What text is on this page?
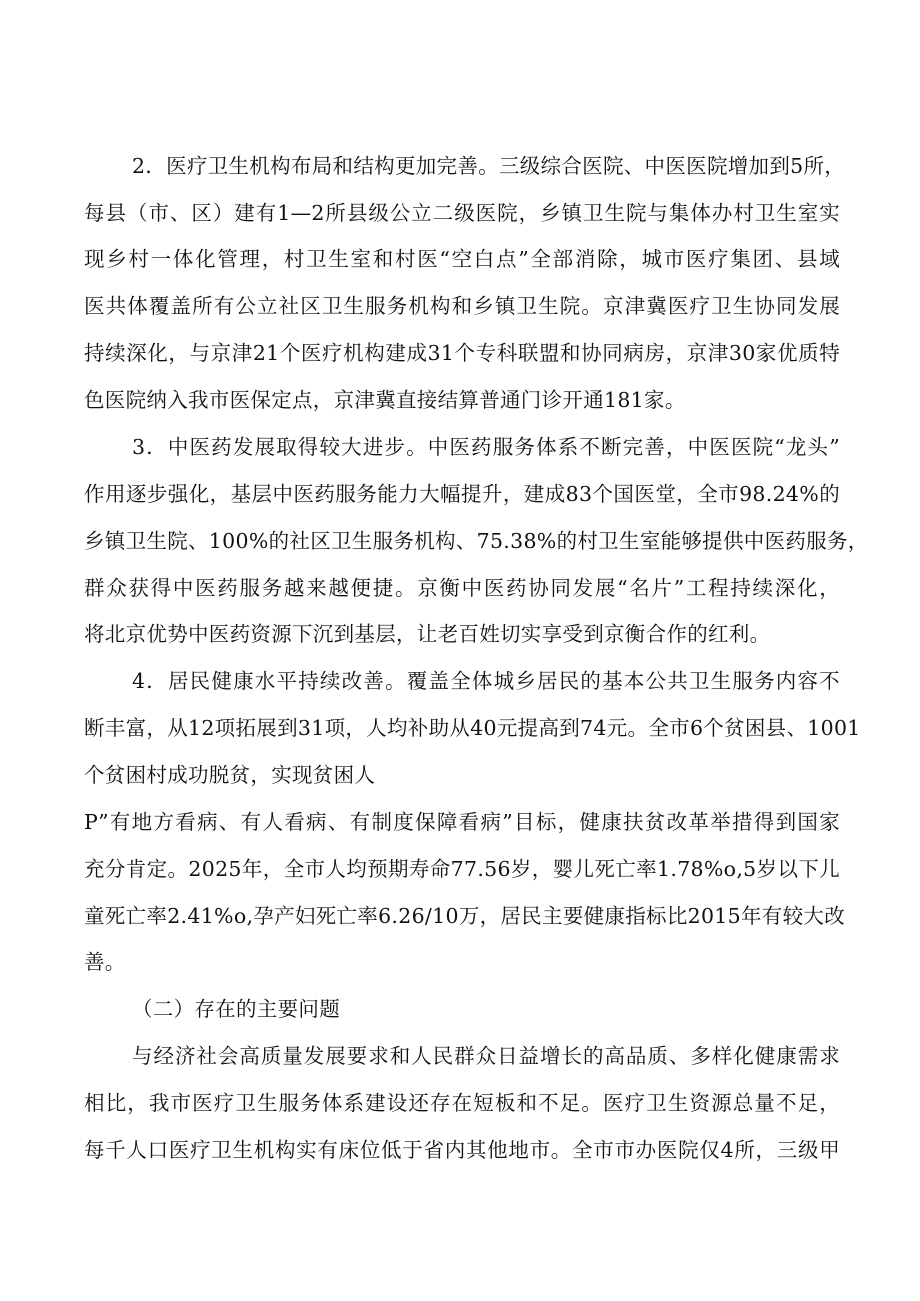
2．医疗卫生机构布局和结构更加完善。三级综合医院、中医医院增加到5所，
每县（市、区）建有1—2所县级公立二级医院，乡镇卫生院与集体办村卫生室实
现乡村一体化管理，村卫生室和村医“空白点”全部消除，城市医疗集团、县域
医共体覆盖所有公立社区卫生服务机构和乡镇卫生院。京津冀医疗卫生协同发展
持续深化，与京津21个医疗机构建成31个专科联盟和协同病房，京津30家优质特
色医院纳入我市医保定点，京津冀直接结算普通门诊开通181家。
3．中医药发展取得较大进步。中医药服务体系不断完善，中医医院“龙头”
作用逐步强化，基层中医药服务能力大幅提升，建成83个国医堂，全市98.24%的
乡镇卫生院、100%的社区卫生服务机构、75.38%的村卫生室能够提供中医药服务，
群众获得中医药服务越来越便捷。京衡中医药协同发展“名片”工程持续深化，
将北京优势中医药资源下沉到基层，让老百姓切实享受到京衡合作的红利。
4．居民健康水平持续改善。覆盖全体城乡居民的基本公共卫生服务内容不
断丰富，从12项拓展到31项，人均补助从40元提高到74元。全市6个贫困县、1001
个贫困村成功脱贫，实现贫困人
P”有地方看病、有人看病、有制度保障看病”目标，健康扶贫改革举措得到国家
充分肯定。2025年，全市人均预期寿命77.56岁，婴儿死亡率1.78%o,5岁以下儿
童死亡率2.41%o,孕产妇死亡率6.26/10万，居民主要健康指标比2015年有较大改
善。
（二）存在的主要问题
与经济社会高质量发展要求和人民群众日益增长的高品质、多样化健康需求
相比，我市医疗卫生服务体系建设还存在短板和不足。医疗卫生资源总量不足，
每千人口医疗卫生机构实有床位低于省内其他地市。全市市办医院仅4所，三级甲
